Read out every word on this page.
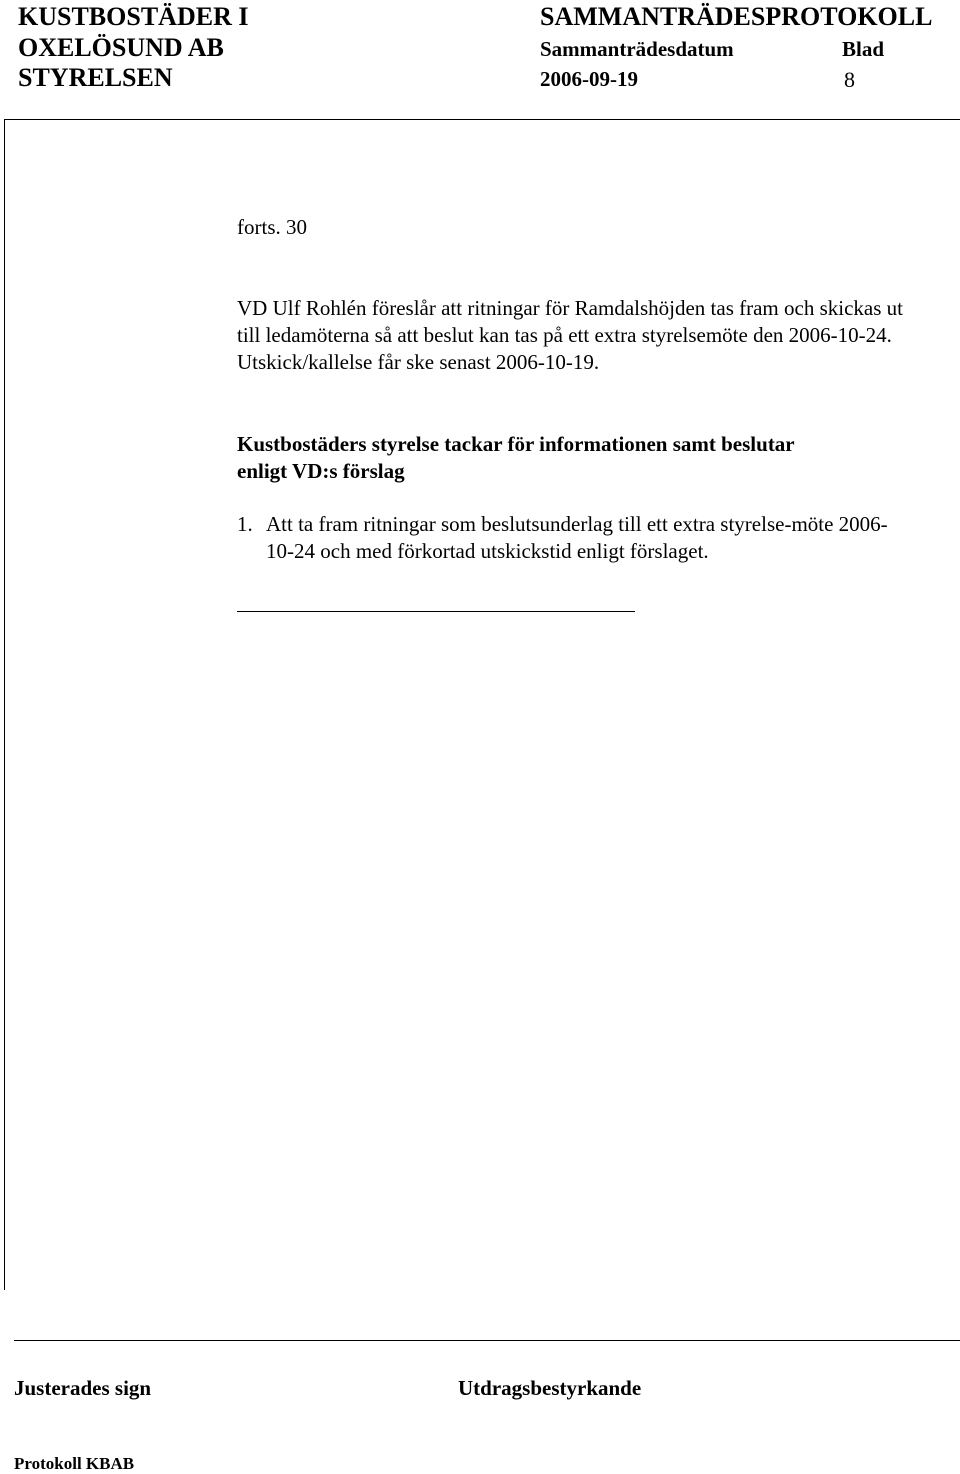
KUSTBOSTÄDER I
OXELÖSUND AB
STYRELSEN
SAMMANTRÄDESPROTOKOLL
Sammanträdesdatum	Blad
2006-09-19	8
forts. 30
VD Ulf Rohlén föreslår att ritningar för Ramdalshöjden tas fram och skickas ut till ledamöterna så att beslut kan tas på ett extra styrelsemöte den 2006-10-24. Utskick/kallelse får ske senast 2006-10-19.
Kustbostäders styrelse tackar för informationen samt beslutar enligt VD:s förslag
1. Att ta fram ritningar som beslutsunderlag till ett extra styrelse-möte 2006-10-24 och med förkortad utskickstid enligt förslaget.
Justerades sign	Utdragsbestyrkande
Protokoll KBAB
